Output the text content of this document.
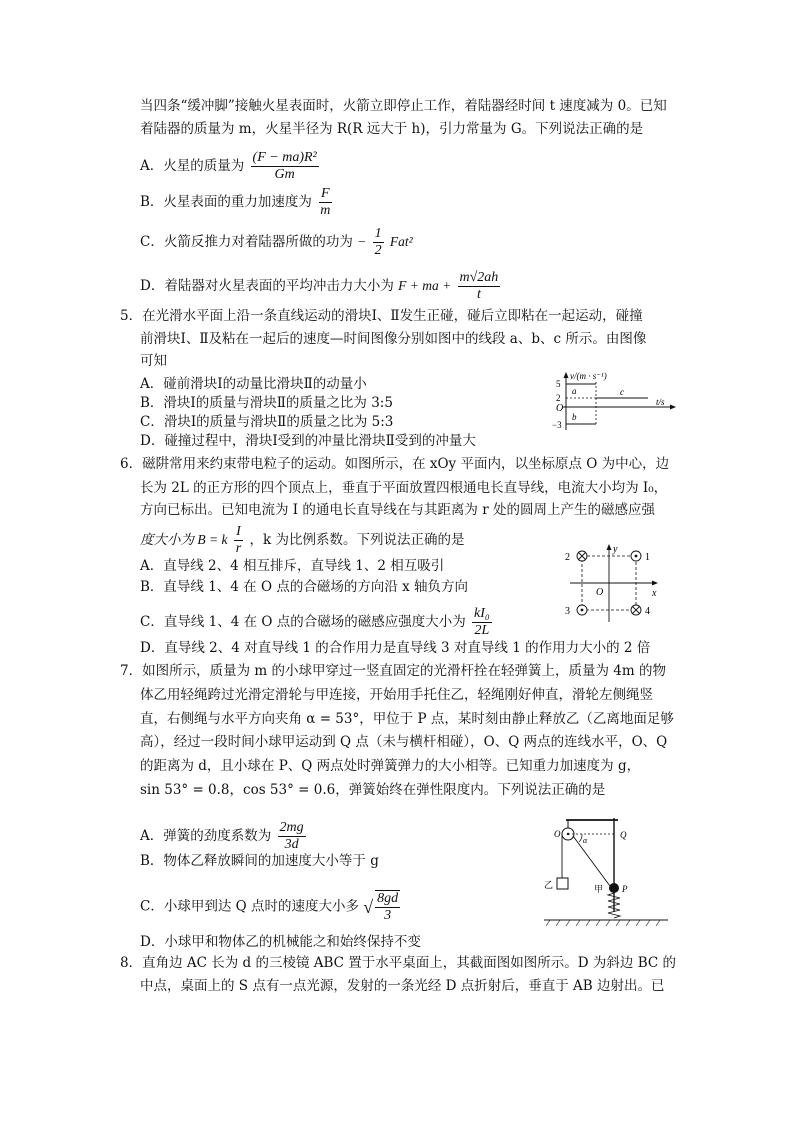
当四条“缓冲脚”接触火星表面时，火箭立即停止工作，着陆器经时间 t 速度减为 0。已知
着陆器的质量为 m，火星半径为 R(R 远大于 h)，引力常量为 G。下列说法正确的是
A．火星的质量为 $\frac{\text{(F − ma)R²}}{Gm}$
B．火星表面的重力加速度为 $\frac{F}{m}$
C．火箭反推力对着陆器所做的功为 − $\frac{1}{2} Fat^2$
D．着陆器对火星表面的平均冲击力大小为 F + ma + $\frac{m√2ah}{t}$
5．在光滑水平面上沿一条直线运动的滑块Ⅰ、Ⅱ发生正碰，碰后立即粘在一起运动，碰撞
前滑块Ⅰ、Ⅱ及粘在一起后的速度—时间图像分别如图中的线段 a、b、c 所示。由图像
可知
A．碰前滑块Ⅰ的动量比滑块Ⅱ的动量小
B．滑块Ⅰ的质量与滑块Ⅱ的质量之比为 3:5
C．滑块Ⅰ的质量与滑块Ⅱ的质量之比为 5:3
D．碰撞过程中，滑块Ⅰ受到的冲量比滑块Ⅱ受到的冲量大
v/(m · s⁻¹)
t/s
O
5
2
−3
a
b
c
6．磁阱常用来约束带电粒子的运动。如图所示，在 xOy 平面内，以坐标原点 O 为中心，边
长为 2L 的正方形的四个顶点上，垂直于平面放置四根通电长直导线，电流大小均为 I₀，
方向已标出。已知电流为 I 的通电长直导线在与其距离为 r 处的圆周上产生的磁感应强
度大小为 B = k $\frac{I}{r}$ ，k 为比例系数。下列说法正确的是
A．直导线 2、4 相互排斥，直导线 1、2 相互吸引
B．直导线 1、4 在 O 点的合磁场的方向沿 x 轴负方向
C．直导线 1、4 在 O 点的合磁场的磁感应强度大小为 $\frac{\text{kI₀}}{2L}$
D．直导线 2、4 对直导线 1 的合作用力是直导线 3 对直导线 1 的作用力大小的 2 倍
x
y
O
2	1
3	4
7．如图所示，质量为 m 的小球甲穿过一竖直固定的光滑杆拴在轻弹簧上，质量为 4m 的物
体乙用轻绳跨过光滑定滑轮与甲连接，开始用手托住乙，轻绳刚好伸直，滑轮左侧绳竖
直，右侧绳与水平方向夹角 α = 53°，甲位于 P 点，某时刻由静止释放乙（乙离地面足够
高），经过一段时间小球甲运动到 Q 点（未与横杆相碰），O、Q 两点的连线水平，O、Q
的距离为 d，且小球在 P、Q 两点处时弹簧弹力的大小相等。已知重力加速度为 g，
sin 53° = 0.8，cos 53° = 0.6，弹簧始终在弹性限度内。下列说法正确的是
A．弹簧的劲度系数为 $\frac{2mg}{3d}$
B．物体乙释放瞬间的加速度大小等于 g
C．小球甲到达 Q 点时的速度大小多 √ $\frac{8gd}{3}$
D．小球甲和物体乙的机械能之和始终保持不变
O	Q
乙
α
甲 P
8．直角边 AC 长为 d 的三棱镜 ABC 置于水平桌面上，其截面图如图所示。D 为斜边 BC 的
中点，桌面上的 S 点有一点光源，发射的一条光经 D 点折射后，垂直于 AB 边射出。已
